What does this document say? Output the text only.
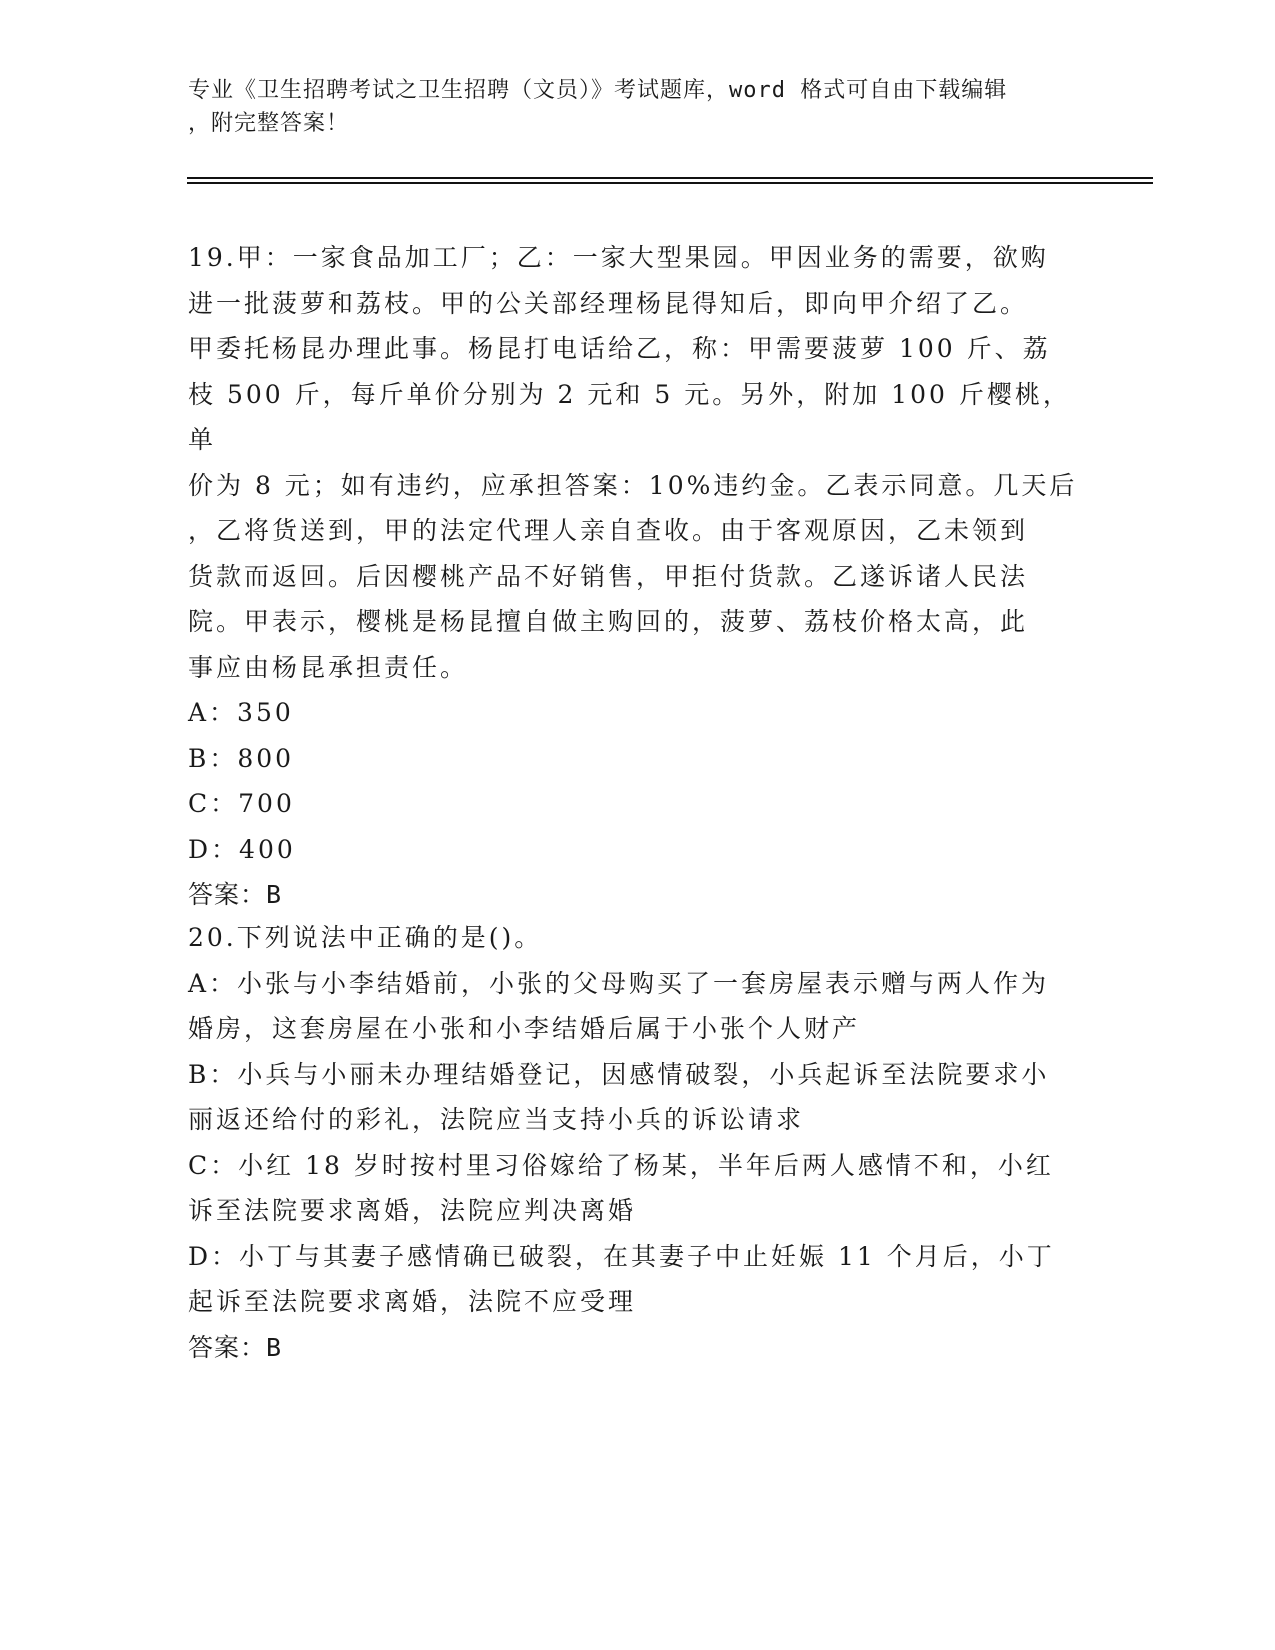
专业《卫生招聘考试之卫生招聘（文员）》考试题库，word 格式可自由下载编辑
，附完整答案！

19.甲：一家食品加工厂；乙：一家大型果园。甲因业务的需要，欲购

进一批菠萝和荔枝。甲的公关部经理杨昆得知后，即向甲介绍了乙。

甲委托杨昆办理此事。杨昆打电话给乙，称：甲需要菠萝 100 斤、荔

枝 500 斤，每斤单价分别为 2 元和 5 元。另外，附加 100 斤樱桃，单

价为 8 元；如有违约，应承担答案：10%违约金。乙表示同意。几天后

，乙将货送到，甲的法定代理人亲自查收。由于客观原因，乙未领到

货款而返回。后因樱桃产品不好销售，甲拒付货款。乙遂诉诸人民法

院。甲表示，樱桃是杨昆擅自做主购回的，菠萝、荔枝价格太高，此

事应由杨昆承担责任。

A：350

B：800

C：700

D：400

答案：B

20.下列说法中正确的是()。

A：小张与小李结婚前，小张的父母购买了一套房屋表示赠与两人作为

婚房，这套房屋在小张和小李结婚后属于小张个人财产

B：小兵与小丽未办理结婚登记，因感情破裂，小兵起诉至法院要求小

丽返还给付的彩礼，法院应当支持小兵的诉讼请求

C：小红 18 岁时按村里习俗嫁给了杨某，半年后两人感情不和，小红

诉至法院要求离婚，法院应判决离婚

D：小丁与其妻子感情确已破裂，在其妻子中止妊娠 11 个月后，小丁

起诉至法院要求离婚，法院不应受理

答案：B
